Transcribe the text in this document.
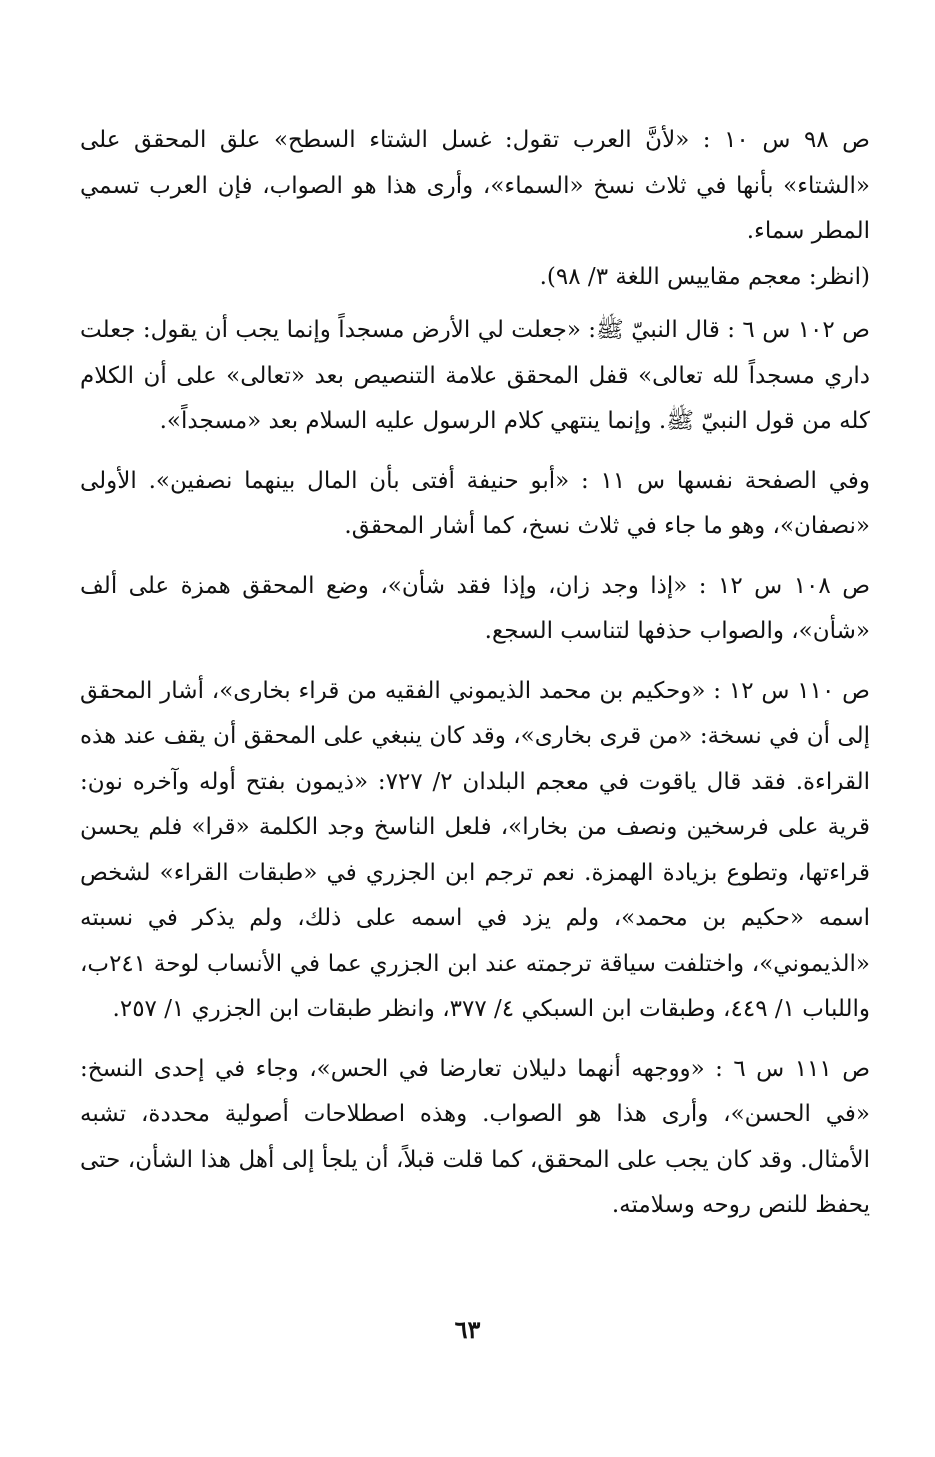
ص ٩٨ س ١٠ : «لأنَّ العرب تقول: غسل الشتاء السطح» علق المحقق على «الشتاء» بأنها في ثلاث نسخ «السماء»، وأرى هذا هو الصواب، فإن العرب تسمي المطر سماء.

(انظر: معجم مقاييس اللغة ٣/ ٩٨).

ص ١٠٢ س ٦ : قال النبيّ ﷺ: «جعلت لي الأرض مسجداً وإنما يجب أن يقول: جعلت داري مسجداً لله تعالى» قفل المحقق علامة التنصيص بعد «تعالى» على أن الكلام كله من قول النبيّ ﷺ. وإنما ينتهي كلام الرسول عليه السلام بعد «مسجداً».

وفي الصفحة نفسها س ١١ : «أبو حنيفة أفتى بأن المال بينهما نصفين». الأولى «نصفان»، وهو ما جاء في ثلاث نسخ، كما أشار المحقق.

ص ١٠٨ س ١٢ : «إذا وجد زان، وإذا فقد شأن»، وضع المحقق همزة على ألف «شأن»، والصواب حذفها لتناسب السجع.

ص ١١٠ س ١٢ : «وحكيم بن محمد الذيموني الفقيه من قراء بخارى»، أشار المحقق إلى أن في نسخة: «من قرى بخارى»، وقد كان ينبغي على المحقق أن يقف عند هذه القراءة. فقد قال ياقوت في معجم البلدان ٢/ ٧٢٧: «ذيمون بفتح أوله وآخره نون: قرية على فرسخين ونصف من بخارا»، فلعل الناسخ وجد الكلمة «قرا» فلم يحسن قراءتها، وتطوع بزيادة الهمزة. نعم ترجم ابن الجزري في «طبقات القراء» لشخص اسمه «حكيم بن محمد»، ولم يزد في اسمه على ذلك، ولم يذكر في نسبته «الذيموني»، واختلفت سياقة ترجمته عند ابن الجزري عما في الأنساب لوحة ٢٤١ب، واللباب ١/ ٤٤٩، وطبقات ابن السبكي ٤/ ٣٧٧، وانظر طبقات ابن الجزري ١/ ٢٥٧.

ص ١١١ س ٦ : «ووجهه أنهما دليلان تعارضا في الحس»، وجاء في إحدى النسخ: «في الحسن»، وأرى هذا هو الصواب. وهذه اصطلاحات أصولية محددة، تشبه الأمثال. وقد كان يجب على المحقق، كما قلت قبلاً، أن يلجأ إلى أهل هذا الشأن، حتى يحفظ للنص روحه وسلامته.

٦٣
